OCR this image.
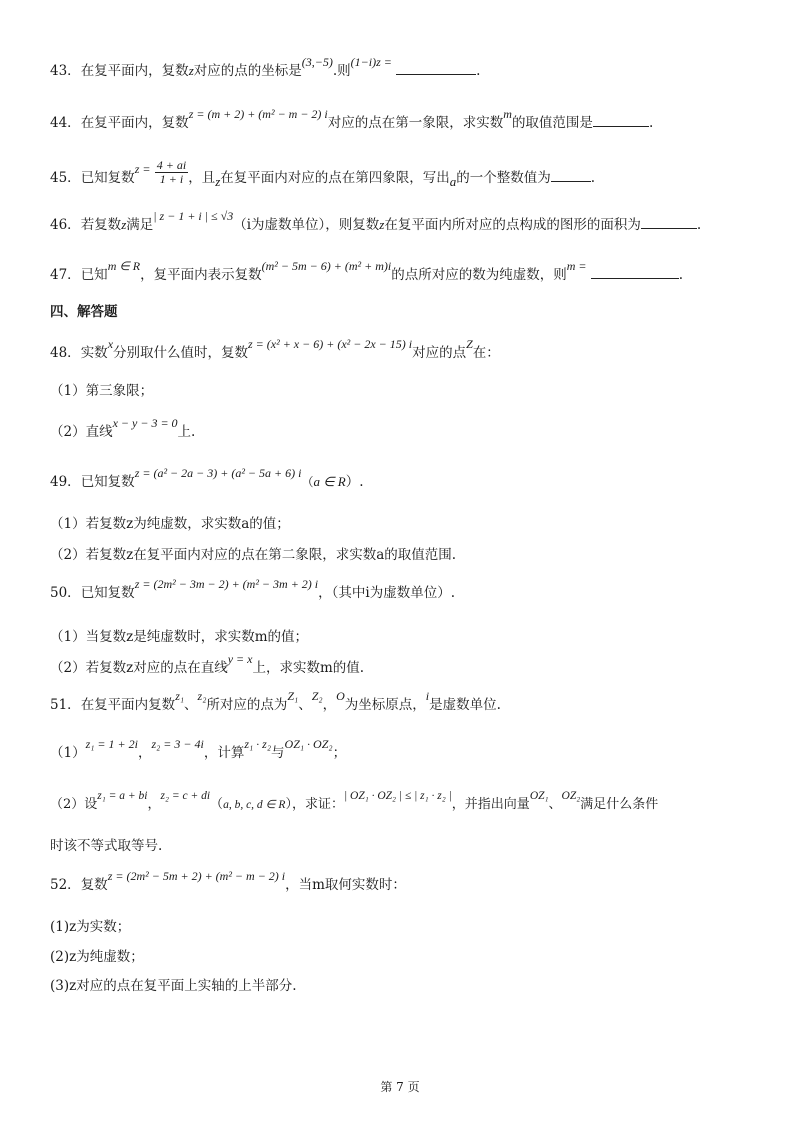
43．在复平面内，复数z对应的点的坐标是(3,−5).则(1−i)z = .
44．在复平面内，复数z = (m + 2) + (m² − m − 2) i对应的点在第一象限，求实数m的取值范围是	.
45．已知复数$z = \frac{4 + ai}{1 + i}$ ，且z在复平面内对应的点在第四象限，写出a的一个整数值为	.
46．若复数z满足| z − 1 + i | ≤ √3（i为虚数单位），则复数z在复平面内所对应的点构成的图形的面积为	.
47．已知m ∈ R，复平面内表示复数(m² − 5m − 6) + (m² + m)i的点所对应的数为纯虚数，则m = .
四、解答题
48．实数x分别取什么值时，复数z = (x² + x − 6) + (x² − 2x − 15) i对应的点Z在：
（1）第三象限；
（2）直线x − y − 3 = 0上.
49．已知复数z = (a² − 2a − 3) + (a² − 5a + 6) i（a ∈ R）.
（1）若复数z为纯虚数，求实数a的值；
（2）若复数z在复平面内对应的点在第二象限，求实数a的取值范围.
50．已知复数z = (2m² − 3m − 2) + (m² − 3m + 2) i，（其中i为虚数单位）.
（1）当复数z是纯虚数时，求实数m的值；
（2）若复数z对应的点在直线y = x上，求实数m的值.
51．在复平面内复数z₁、z₂所对应的点为Z₁、Z₂，O为坐标原点，i是虚数单位.
（1）z₁ = 1 + 2i，z₂ = 3 − 4i，计算z₁ · z₂与OZ₁ · OZ₂；
（2）设z₁ = a + bi，z₂ = c + di（a, b, c, d ∈ R），求证：| OZ₁ · OZ₂ | ≤ | z₁ · z₂ |，并指出向量OZ₁、OZ₂满足什么条件
时该不等式取等号.
52．复数z = (2m² − 5m + 2) + (m² − m − 2) i，当m取何实数时：
(1)z为实数；
(2)z为纯虚数；
(3)z对应的点在复平面上实轴的上半部分.
第 7 页
